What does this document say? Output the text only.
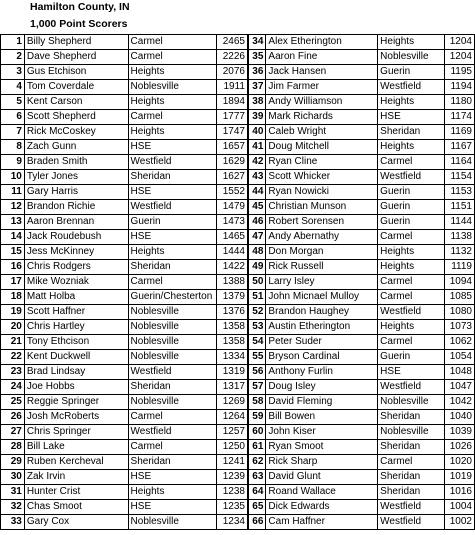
Hamilton County, IN
1,000 Point Scorers
1	Billy Shepherd	Carmel	2465	34	Alex Etherington	Heights	1204
2	Dave Shepherd	Carmel	2226	35	Aaron Fine	Noblesville	1204
3	Gus Etchison	Heights	2076	36	Jack Hansen	Guerin	1195
4	Tom Coverdale	Noblesville	1911	37	Jim Farmer	Westfield	1194
5	Kent Carson	Heights	1894	38	Andy Williamson	Heights	1180
6	Scott Shepherd	Carmel	1777	39	Mark Richards	HSE	1174
7	Rick McCoskey	Heights	1747	40	Caleb Wright	Sheridan	1169
8	Zach Gunn	HSE	1657	41	Doug Mitchell	Heights	1167
9	Braden Smith	Westfield	1629	42	Ryan Cline	Carmel	1164
10	Tyler Jones	Sheridan	1627	43	Scott Whicker	Westfield	1154
11	Gary Harris	HSE	1552	44	Ryan Nowicki	Guerin	1153
12	Brandon Richie	Westfield	1479	45	Christian Munson	Guerin	1151
13	Aaron Brennan	Guerin	1473	46	Robert Sorensen	Guerin	1144
14	Jack Roudebush	HSE	1465	47	Andy Abernathy	Carmel	1138
15	Jess McKinney	Heights	1444	48	Don Morgan	Heights	1132
16	Chris Rodgers	Sheridan	1422	49	Rick Russell	Heights	1119
17	Mike Wozniak	Carmel	1388	50	Larry Isley	Carmel	1094
18	Matt Holba	Guerin/Chesterton	1379	51	John Micnael Mulloy	Carmel	1085
19	Scott Haffner	Noblesville	1376	52	Brandon Haughey	Westfield	1080
20	Chris Hartley	Noblesville	1358	53	Austin Etherington	Heights	1073
21	Tony Ethcison	Noblesville	1358	54	Peter Suder	Carmel	1062
22	Kent Duckwell	Noblesville	1334	55	Bryson Cardinal	Guerin	1054
23	Brad Lindsay	Westfield	1319	56	Anthony Furlin	HSE	1048
24	Joe Hobbs	Sheridan	1317	57	Doug Isley	Westfield	1047
25	Reggie Springer	Noblesville	1269	58	David Fleming	Noblesville	1042
26	Josh McRoberts	Carmel	1264	59	Bill Bowen	Sheridan	1040
27	Chris Springer	Westfield	1257	60	John Kiser	Noblesville	1039
28	Bill Lake	Carmel	1250	61	Ryan Smoot	Sheridan	1026
29	Ruben Kercheval	Sheridan	1241	62	Rick Sharp	Carmel	1020
30	Zak Irvin	HSE	1239	63	David Glunt	Sheridan	1019
31	Hunter Crist	Heights	1238	64	Roand Wallace	Sheridan	1016
32	Chas Smoot	HSE	1235	65	Dick Edwards	Westfield	1004
33	Gary Cox	Noblesville	1234	66	Cam Haffner	Westfield	1002
